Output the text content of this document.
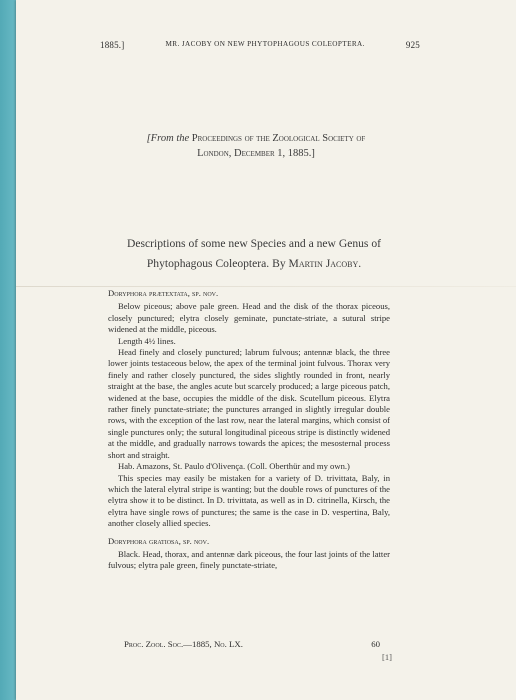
1885.]	MR. JACOBY ON NEW PHYTOPHAGOUS COLEOPTERA.	925
[From the Proceedings of the Zoological Society of
London, December 1, 1885.]
Descriptions of some new Species and a new Genus of
Phytophagous Coleoptera. By Martin Jacoby.

Doryphora prætextata, sp. nov.

Below piceous; above pale green. Head and the disk of the thorax piceous, closely punctured; elytra closely geminate, punctate-striate, a sutural stripe widened at the middle, piceous.

Length 4½ lines.

Head finely and closely punctured; labrum fulvous; antennæ black, the three lower joints testaceous below, the apex of the terminal joint fulvous. Thorax very finely and rather closely punctured, the sides slightly rounded in front, nearly straight at the base, the angles acute but scarcely produced; a large piceous patch, widened at the base, occupies the middle of the disk. Scutellum piceous. Elytra rather finely punctate-striate; the punctures arranged in slightly irregular double rows, with the exception of the last row, near the lateral margins, which consist of single punctures only; the sutural longitudinal piceous stripe is distinctly widened at the middle, and gradually narrows towards the apices; the mesosternal process short and straight.

Hab. Amazons, St. Paulo d'Olivença. (Coll. Oberthür and my own.)

This species may easily be mistaken for a variety of D. trivittata, Baly, in which the lateral elytral stripe is wanting; but the double rows of punctures of the elytra show it to be distinct. In D. trivittata, as well as in D. citrinella, Kirsch, the elytra have single rows of punctures; the same is the case in D. vespertina, Baly, another closely allied species.

Doryphora gratiosa, sp. nov.

Black. Head, thorax, and antennæ dark piceous, the four last joints of the latter fulvous; elytra pale green, finely punctate-striate,

Proc. Zool. Soc.—1885, No. LX.	60
[1]
